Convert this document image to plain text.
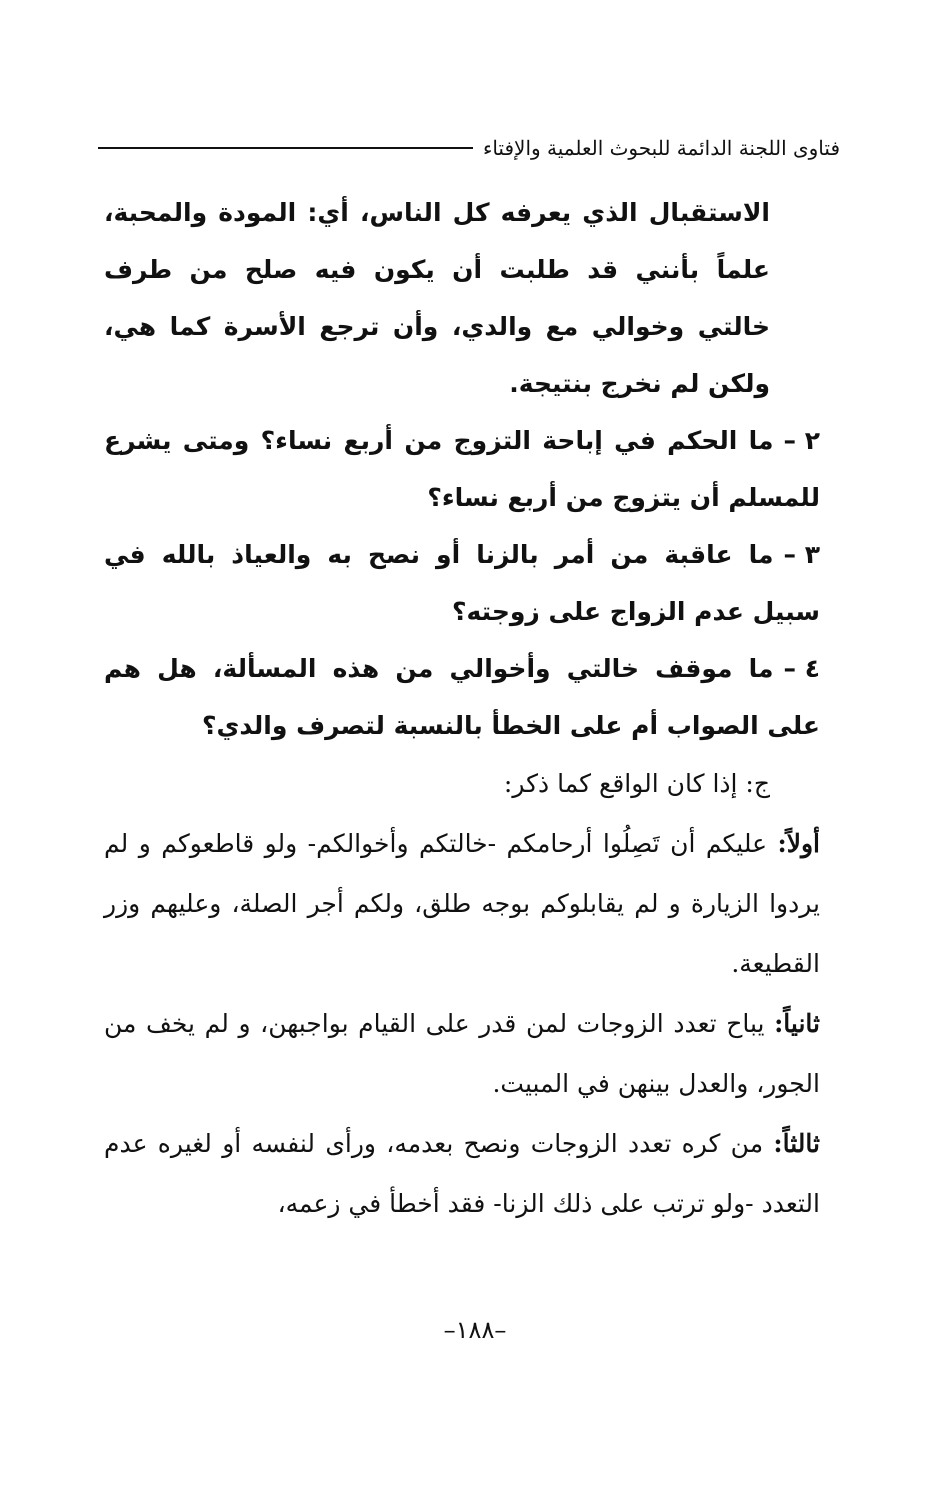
فتاوى اللجنة الدائمة للبحوث العلمية والإفتاء

الاستقبال الذي يعرفه كل الناس، أي: المودة والمحبة، علماً بأنني قد طلبت أن يكون فيه صلح من طرف خالتي وخوالي مع والدي، وأن ترجع الأسرة كما هي، ولكن لم نخرج بنتيجة.

٢ –ما الحكم في إباحة التزوج من أربع نساء؟ ومتى يشرع للمسلم أن يتزوج من أربع نساء؟

٣ –ما عاقبة من أمر بالزنا أو نصح به والعياذ بالله في سبيل عدم الزواج على زوجته؟

٤ –ما موقف خالتي وأخوالي من هذه المسألة، هل هم على الصواب أم على الخطأ بالنسبة لتصرف والدي؟

ج: إذا كان الواقع كما ذكر:

أولاً: عليكم أن تَصِلُوا أرحامكم -خالتكم وأخوالكم- ولو قاطعوكم و لم يردوا الزيارة و لم يقابلوكم بوجه طلق، ولكم أجر الصلة، وعليهم وزر القطيعة.

ثانياً: يباح تعدد الزوجات لمن قدر على القيام بواجبهن، و لم يخف من الجور، والعدل بينهن في المبيت.

ثالثاً: من كره تعدد الزوجات ونصح بعدمه، ورأى لنفسه أو لغيره عدم التعدد -ولو ترتب على ذلك الزنا- فقد أخطأ في زعمه،

–١٨٨–
